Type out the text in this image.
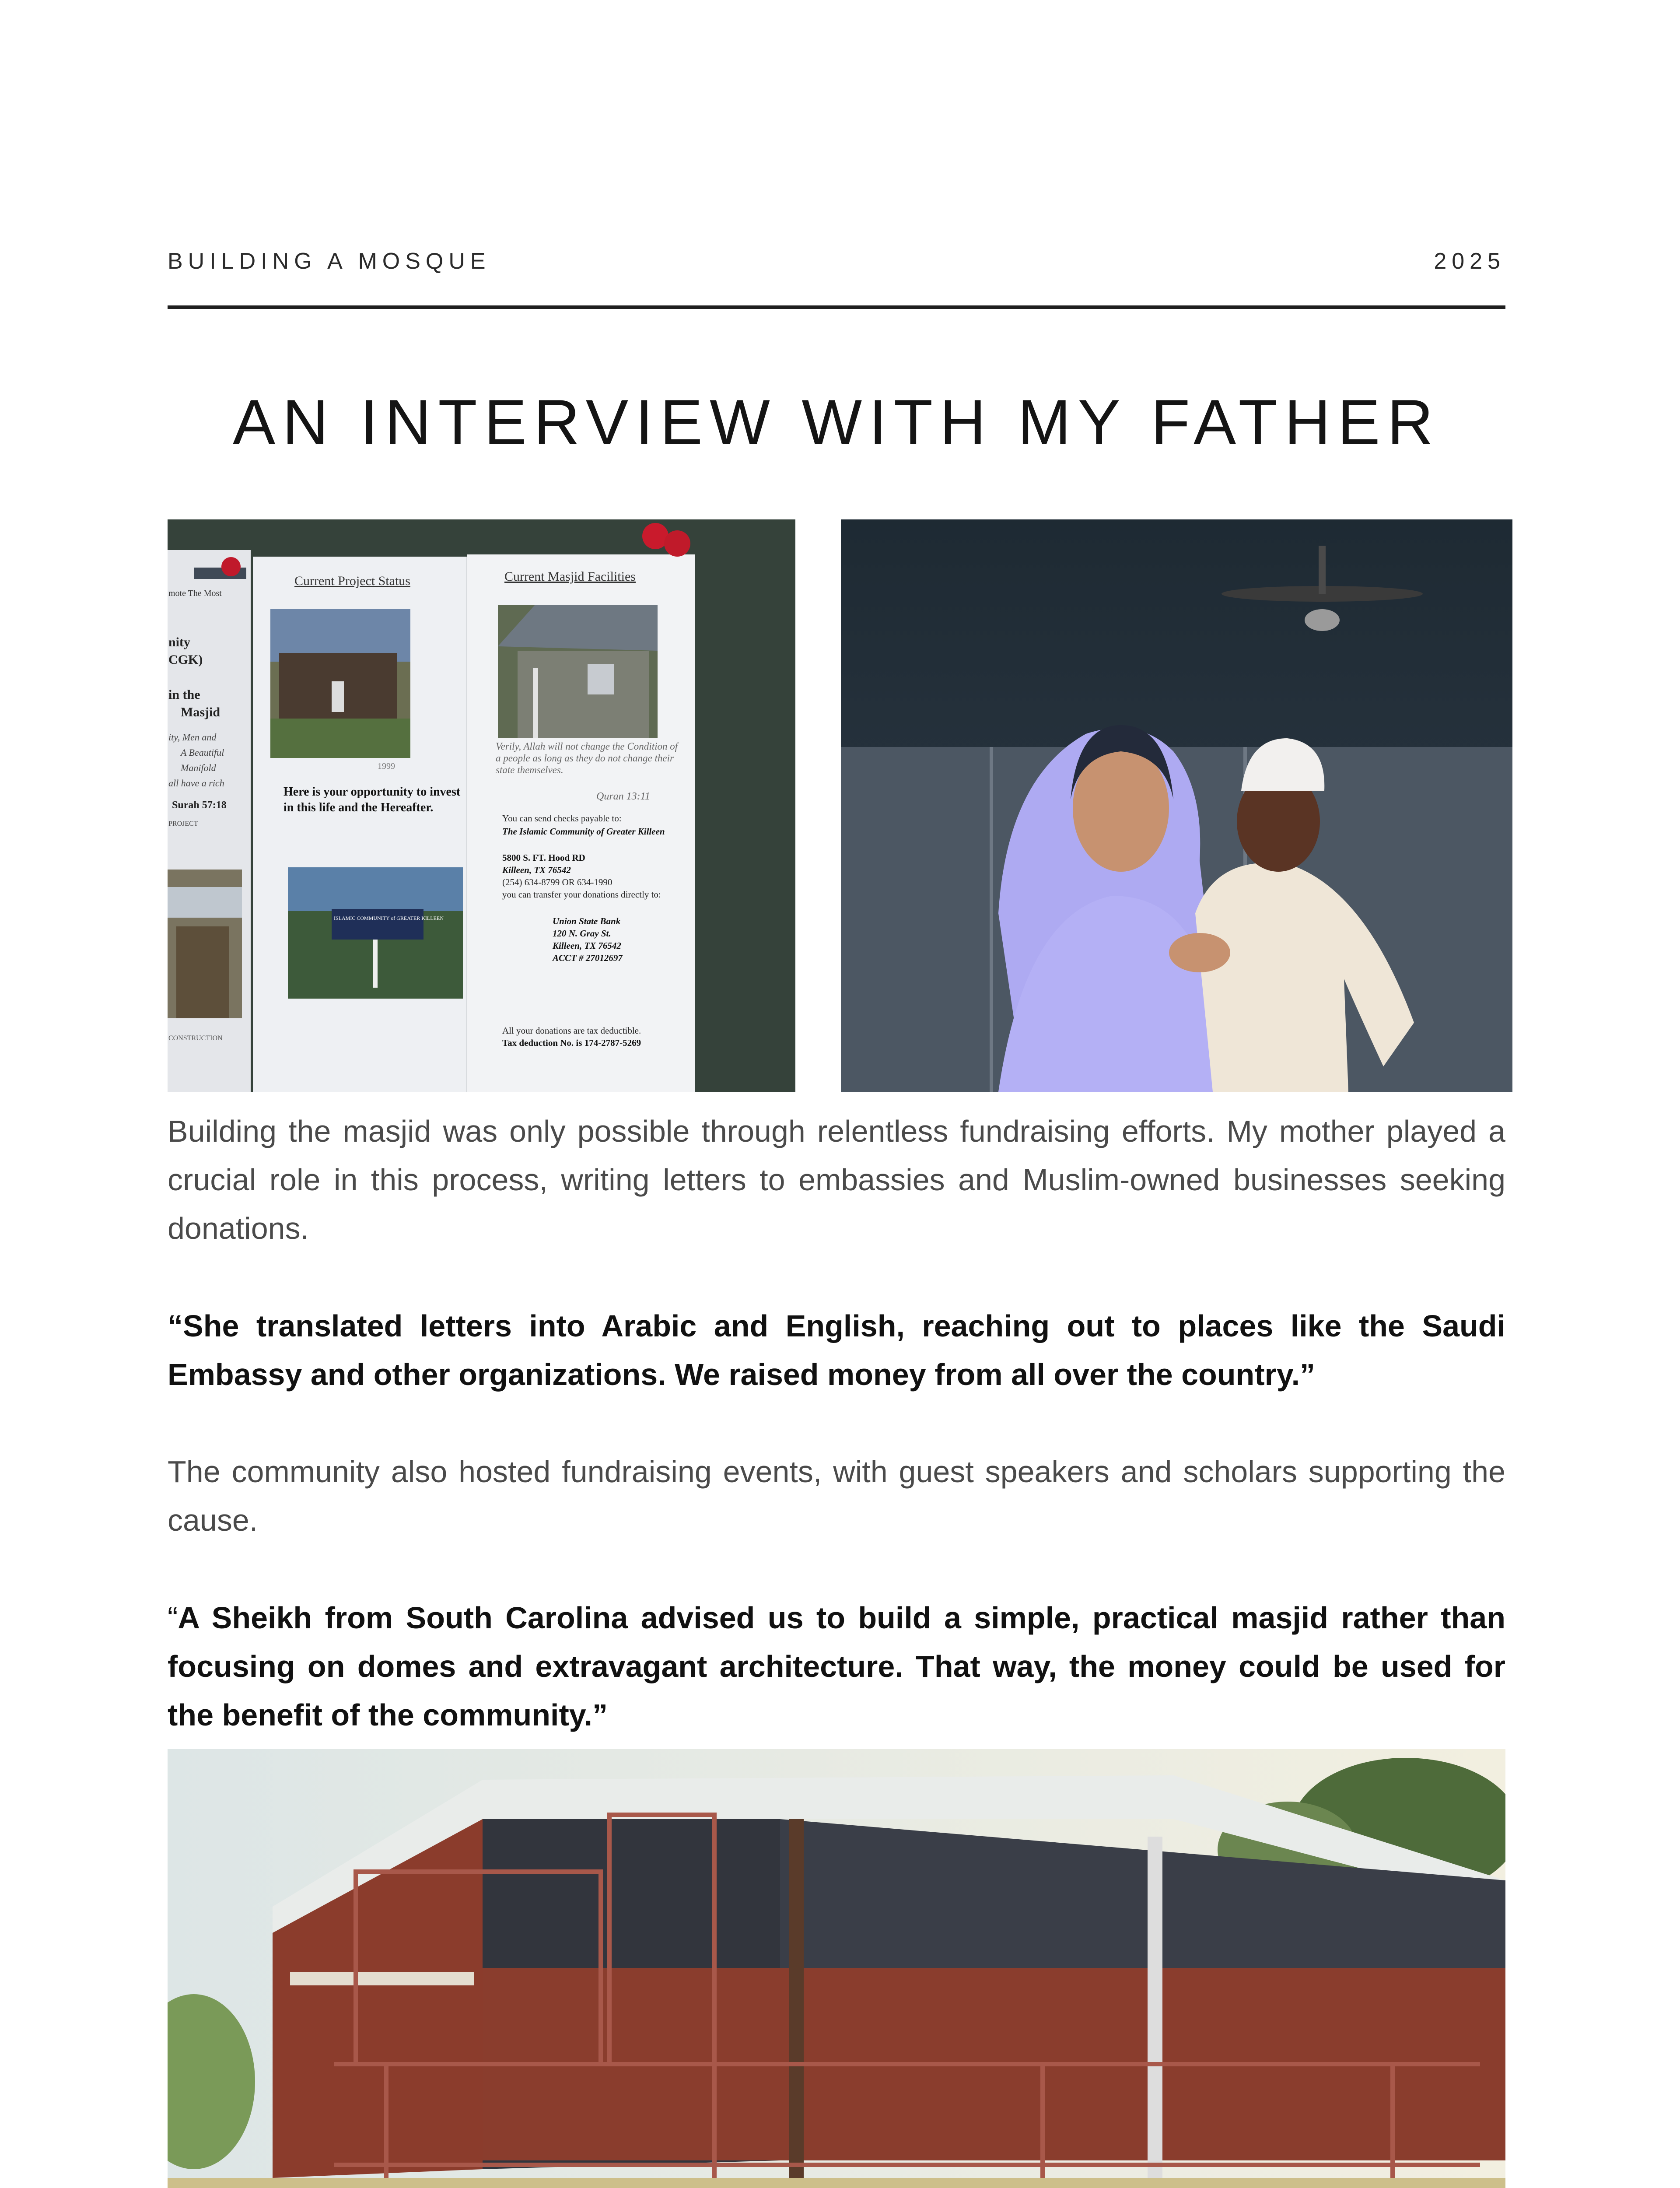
BUILDING A MOSQUE	2025
AN INTERVIEW WITH MY FATHER
mote The Most
nity
CGK)
in the
Masjid
ity, Men and
A Beautiful
Manifold
all have a rich
Surah 57:18
PROJECT
CONSTRUCTION
Current Project Status
1999
Here is your opportunity to invest in this life and the Hereafter.
ISLAMIC COMMUNITY of GREATER KILLEEN
Current Masjid Facilities
Verily, Allah will not change the Condition of a people as long as they do not change their state themselves.
Quran 13:11
You can send checks payable to:
The Islamic Community of Greater Killeen
5800 S. FT. Hood RD
Killeen, TX 76542
(254) 634-8799 OR 634-1990
you can transfer your donations directly to:
Union State Bank
120 N. Gray St.
Killeen, TX 76542
ACCT # 27012697
All your donations are tax deductible.
Tax deduction No. is 174-2787-5269
Building the masjid was only possible through relentless fundraising efforts. My mother played a crucial role in this process, writing letters to embassies and Muslim-owned businesses seeking donations.
“She translated letters into Arabic and English, reaching out to places like the Saudi Embassy and other organizations. We raised money from all over the country.”
The community also hosted fundraising events, with guest speakers and scholars supporting the cause.
“A Sheikh from South Carolina advised us to build a simple, practical masjid rather than focusing on domes and extravagant architecture. That way, the money could be used for the benefit of the community.”
